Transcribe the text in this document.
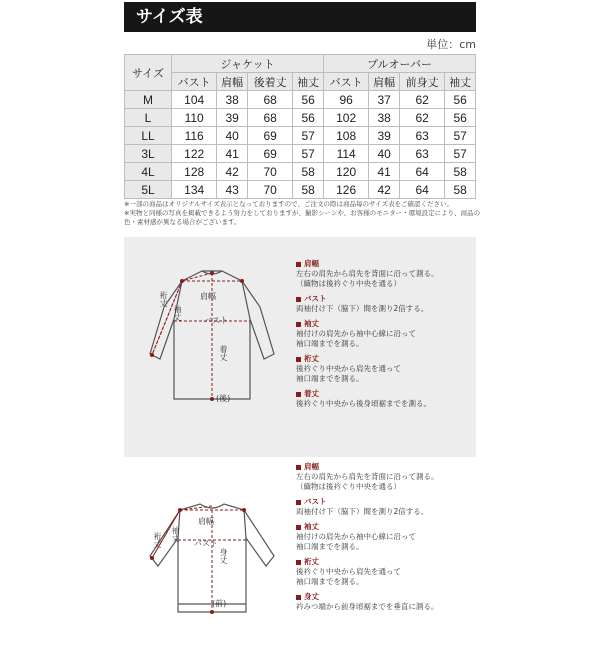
サイズ表
単位：cm
サイズ	ジャケット				プルオーバー			
	バスト	肩幅	後着丈	袖丈	バスト	肩幅	前身丈	袖丈
M	104	38	68	56	96	37	62	56
L	110	39	68	56	102	38	62	56
LL	116	40	69	57	108	39	63	57
3L	122	41	69	57	114	40	63	57
4L	128	42	70	58	120	41	64	58
5L	134	43	70	58	126	42	64	58
※一部の商品はオリジナルサイズ表示となっておりますので、ご注文の際は商品毎のサイズ表をご確認ください。
※実物と同様の写真を掲載できるよう努力をしておりますが、撮影シーンや、お客様のモニター・環境設定により、商品の色・素材感が異なる場合がございます。
肩幅
バスト
着丈
袖丈
裄丈
(後)
肩幅
左右の肩先から肩先を背面に沿って測る。
（織物は後衿ぐり中央を通る）
バスト
両袖付け下（脇下）間を測り2倍する。
袖丈
袖付けの肩先から袖中心線に沿って
袖口端までを測る。
裄丈
後衿ぐり中央から肩先を通って
袖口端までを測る。
着丈
後衿ぐり中央から後身頃裾までを測る。
肩幅
バスト
身丈
袖丈
裄丈
(前)
肩幅
左右の肩先から肩先を背面に沿って測る。
（織物は後衿ぐり中央を通る）
バスト
両袖付け下（脇下）間を測り2倍する。
袖丈
袖付けの肩先から袖中心線に沿って
袖口端までを測る。
裄丈
後衿ぐり中央から肩先を通って
袖口端までを測る。
身丈
衿みつ端から前身頃裾までを垂直に測る。
